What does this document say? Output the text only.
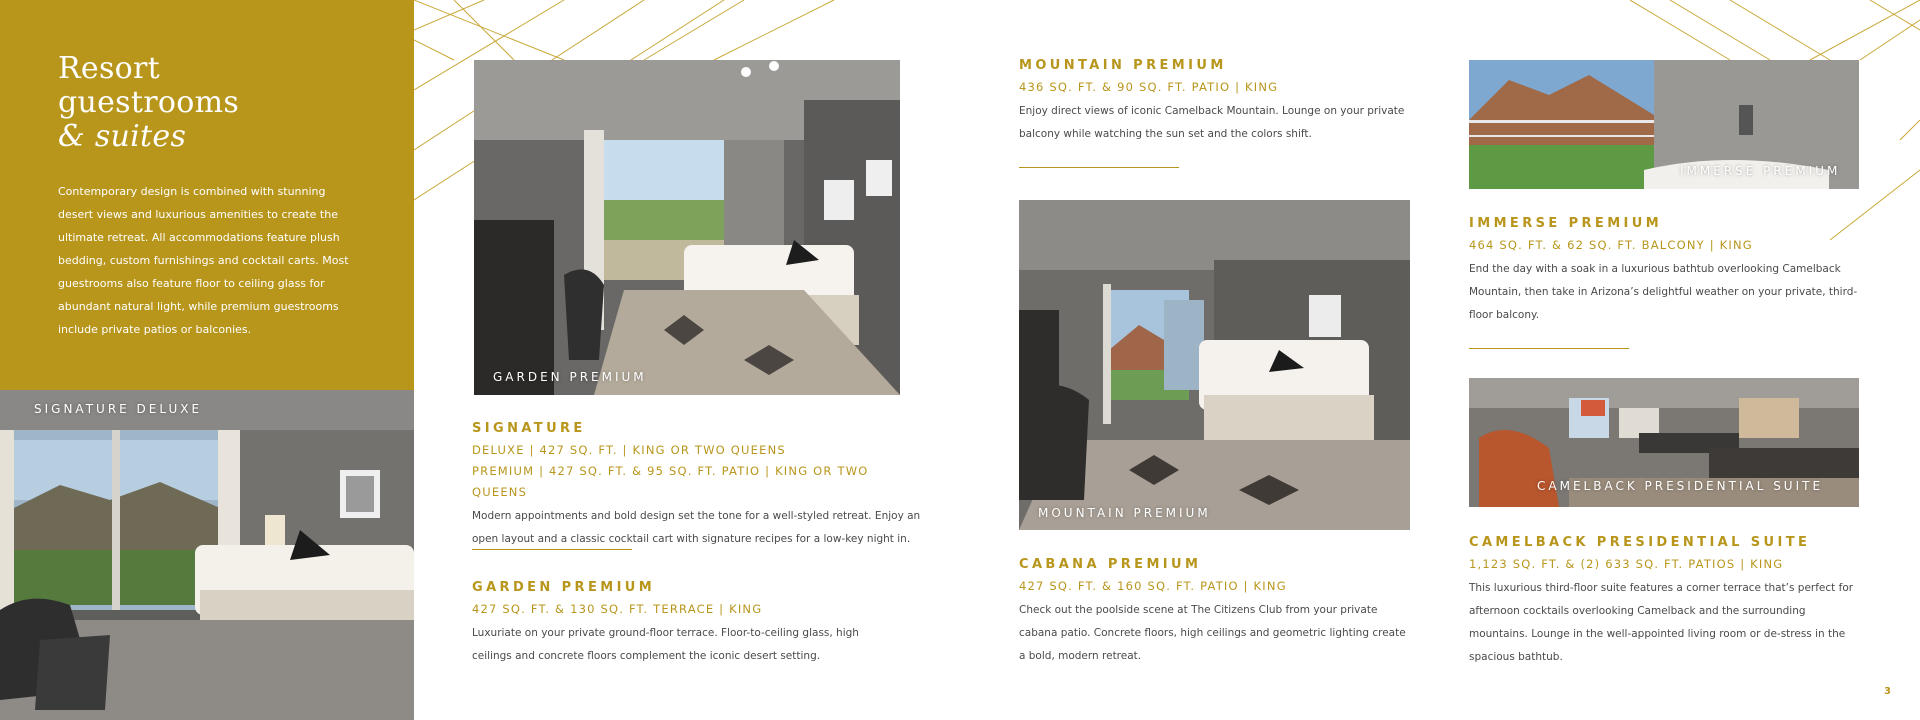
Resort
guestrooms
& suites

Contemporary design is combined with stunning desert views and luxurious amenities to create the ultimate retreat. All accommodations feature plush bedding, custom furnishings and cocktail carts. Most guestrooms also feature floor to ceiling glass for abundant natural light, while premium guestrooms include private patios or balconies.

SIGNATURE DELUXE
GARDEN PREMIUM
SIGNATURE

DELUXE | 427 SQ. FT. | KING OR TWO QUEENS

PREMIUM | 427 SQ. FT. & 95 SQ. FT. PATIO | KING OR TWO QUEENS

Modern appointments and bold design set the tone for a well-styled retreat. Enjoy an open layout and a classic cocktail cart with signature recipes for a low-key night in.

GARDEN PREMIUM

427 SQ. FT. & 130 SQ. FT. TERRACE | KING

Luxuriate on your private ground-floor terrace. Floor-to-ceiling glass, high ceilings and concrete floors complement the iconic desert setting.

MOUNTAIN PREMIUM

436 SQ. FT. & 90 SQ. FT. PATIO | KING

Enjoy direct views of iconic Camelback Mountain. Lounge on your private balcony while watching the sun set and the colors shift.

MOUNTAIN PREMIUM
CABANA PREMIUM

427 SQ. FT. & 160 SQ. FT. PATIO | KING

Check out the poolside scene at The Citizens Club from your private cabana patio. Concrete floors, high ceilings and geometric lighting create a bold, modern retreat.

IMMERSE PREMIUM
IMMERSE PREMIUM

464 SQ. FT. & 62 SQ. FT. BALCONY | KING

End the day with a soak in a luxurious bathtub overlooking Camelback Mountain, then take in Arizona’s delightful weather on your private, third-floor balcony.

CAMELBACK PRESIDENTIAL SUITE
CAMELBACK PRESIDENTIAL SUITE

1,123 SQ. FT. & (2) 633 SQ. FT. PATIOS | KING

This luxurious third-floor suite features a corner terrace that’s perfect for afternoon cocktails overlooking Camelback and the surrounding mountains. Lounge in the well-appointed living room or de-stress in the spacious bathtub.

3
